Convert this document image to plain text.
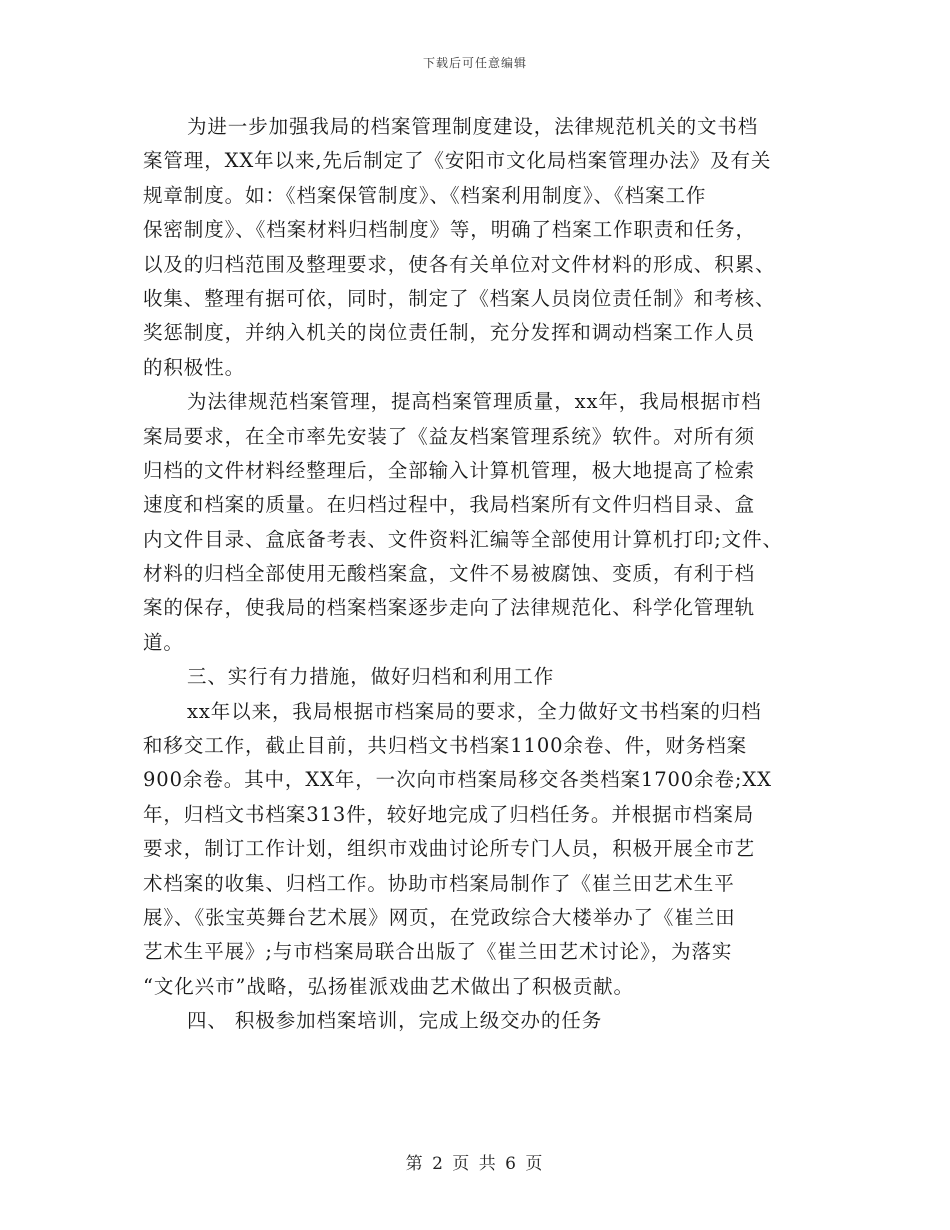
下载后可任意编辑
为进一步加强我局的档案管理制度建设，法律规范机关的文书档
案管理，XX年以来,先后制定了《安阳市文化局档案管理办法》及有关
规章制度。如：《档案保管制度》、《档案利用制度》、《档案工作
保密制度》、《档案材料归档制度》等，明确了档案工作职责和任务，
以及的归档范围及整理要求，使各有关单位对文件材料的形成、积累、
收集、整理有据可依，同时，制定了《档案人员岗位责任制》和考核、
奖惩制度，并纳入机关的岗位责任制，充分发挥和调动档案工作人员
的积极性。
为法律规范档案管理，提高档案管理质量，xx年，我局根据市档
案局要求，在全市率先安装了《益友档案管理系统》软件。对所有须
归档的文件材料经整理后，全部输入计算机管理，极大地提高了检索
速度和档案的质量。在归档过程中，我局档案所有文件归档目录、盒
内文件目录、盒底备考表、文件资料汇编等全部使用计算机打印;文件、
材料的归档全部使用无酸档案盒，文件不易被腐蚀、变质，有利于档
案的保存，使我局的档案档案逐步走向了法律规范化、科学化管理轨
道。
三、实行有力措施，做好归档和利用工作
xx年以来，我局根据市档案局的要求，全力做好文书档案的归档
和移交工作，截止目前，共归档文书档案1100余卷、件，财务档案
900余卷。其中，XX年，一次向市档案局移交各类档案1700余卷;XX
年，归档文书档案313件，较好地完成了归档任务。并根据市档案局
要求，制订工作计划，组织市戏曲讨论所专门人员，积极开展全市艺
术档案的收集、归档工作。协助市档案局制作了《崔兰田艺术生平
展》、《张宝英舞台艺术展》网页，在党政综合大楼举办了《崔兰田
艺术生平展》;与市档案局联合出版了《崔兰田艺术讨论》，为落实
“文化兴市”战略，弘扬崔派戏曲艺术做出了积极贡献。
四、 积极参加档案培训，完成上级交办的任务
第 2 页 共 6 页
